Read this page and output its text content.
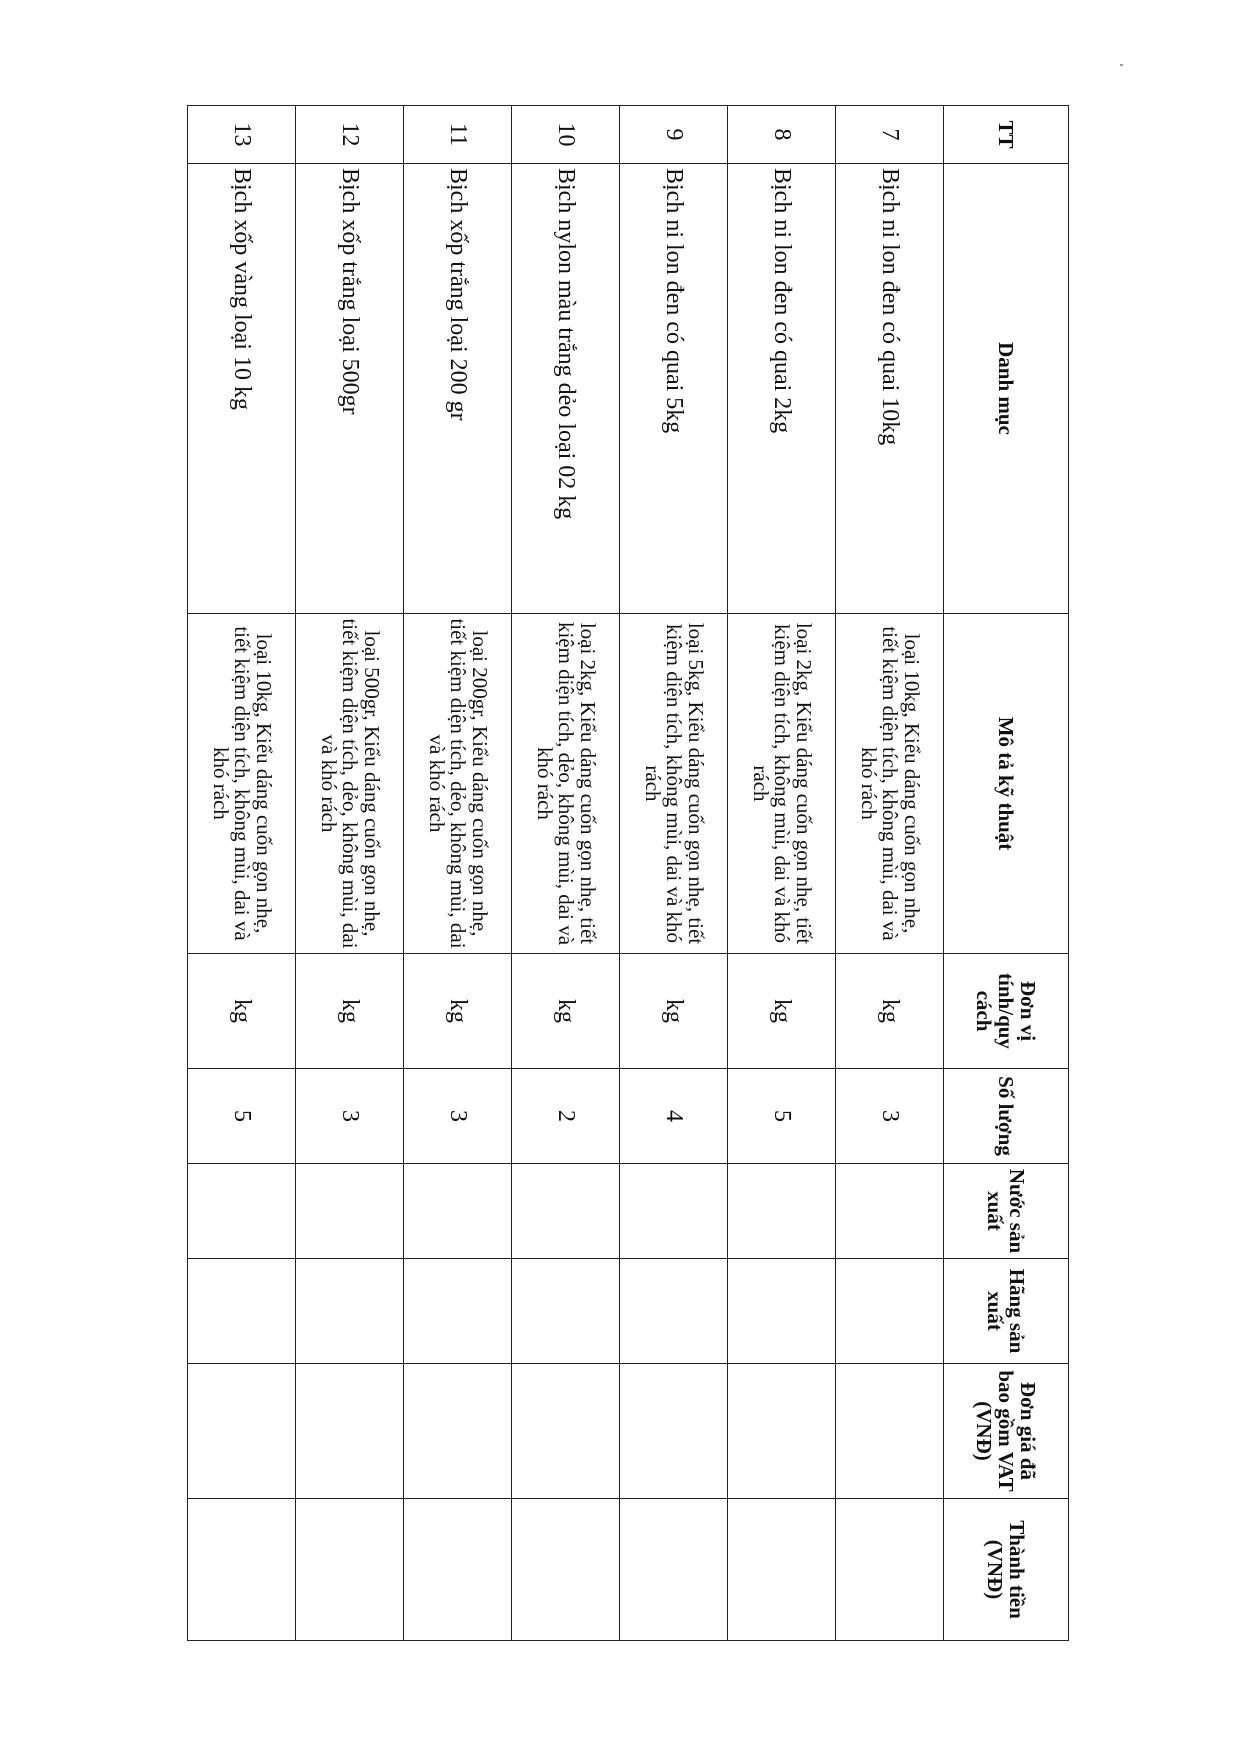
TT	Danh mục	Mô tả kỹ thuật	Đơn vị tính/quy cách	Số lượng	Nước sản xuất	Hãng sản xuất	Đơn giá đã bao gồm VAT (VNĐ)	Thành tiền (VNĐ)
7	Bịch ni lon đen có quai 10kg	loại 10kg, Kiểu dáng cuốn gọn nhẹ, tiết kiệm diện tích, không mùi, dai và khó rách	kg	3				
8	Bịch ni lon đen có quai 2kg	loại 2kg, Kiểu dáng cuốn gọn nhẹ, tiết kiệm diện tích, không mùi, dai và khó rách	kg	5				
9	Bịch ni lon đen có quai 5kg	loại 5kg, Kiểu dáng cuốn gọn nhẹ, tiết kiệm diện tích, không mùi, dai và khó rách	kg	4				
10	Bịch nylon màu trắng dẻo loại 02 kg	loại 2kg, Kiểu dáng cuốn gọn nhẹ, tiết kiệm diện tích, dẻo, không mùi, dai và khó rách	kg	2				
11	Bịch xốp trắng loại 200 gr	loại 200gr, Kiểu dáng cuốn gọn nhẹ, tiết kiệm diện tích, dẻo, không mùi, dai và khó rách	kg	3				
12	Bịch xốp trắng loại 500gr	loại 500gr, Kiểu dáng cuốn gọn nhẹ, tiết kiệm diện tích, dẻo, không mùi, dai và khó rách	kg	3				
13	Bịch xốp vàng loại 10 kg	loại 10kg, Kiểu dáng cuốn gọn nhẹ, tiết kiệm diện tích, không mùi, dai và khó rách	kg	5				
